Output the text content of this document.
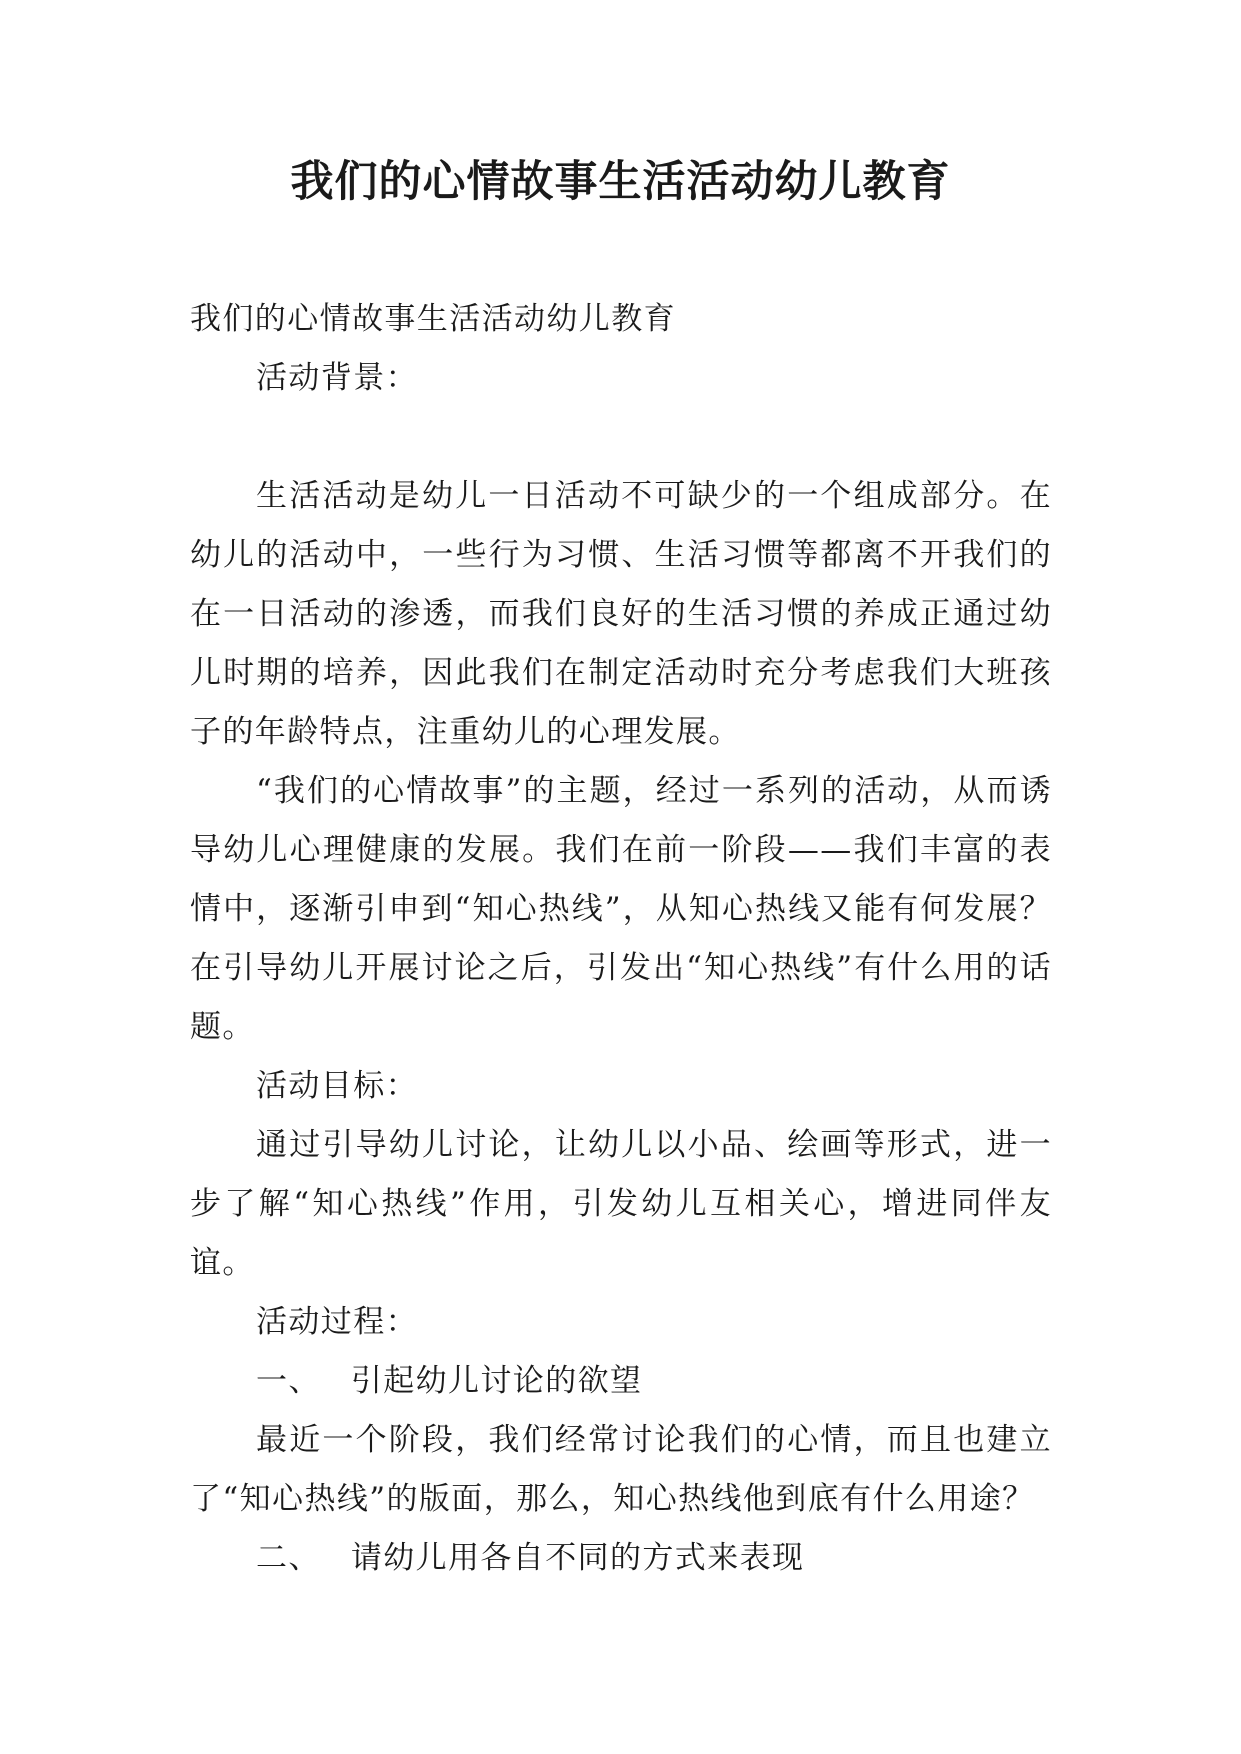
我们的心情故事生活活动幼儿教育

我们的心情故事生活活动幼儿教育

活动背景：

生活活动是幼儿一日活动不可缺少的一个组成部分。在幼儿的活动中，一些行为习惯、生活习惯等都离不开我们的在一日活动的渗透，而我们良好的生活习惯的养成正通过幼儿时期的培养，因此我们在制定活动时充分考虑我们大班孩子的年龄特点，注重幼儿的心理发展。

“我们的心情故事”的主题，经过一系列的活动，从而诱导幼儿心理健康的发展。我们在前一阶段——我们丰富的表情中，逐渐引申到“知心热线”，从知心热线又能有何发展？在引导幼儿开展讨论之后，引发出“知心热线”有什么用的话题。

活动目标：

通过引导幼儿讨论，让幼儿以小品、绘画等形式，进一步了解“知心热线”作用，引发幼儿互相关心，增进同伴友谊。

活动过程：

一、 引起幼儿讨论的欲望

最近一个阶段，我们经常讨论我们的心情，而且也建立了“知心热线”的版面，那么，知心热线他到底有什么用途？

二、 请幼儿用各自不同的方式来表现
